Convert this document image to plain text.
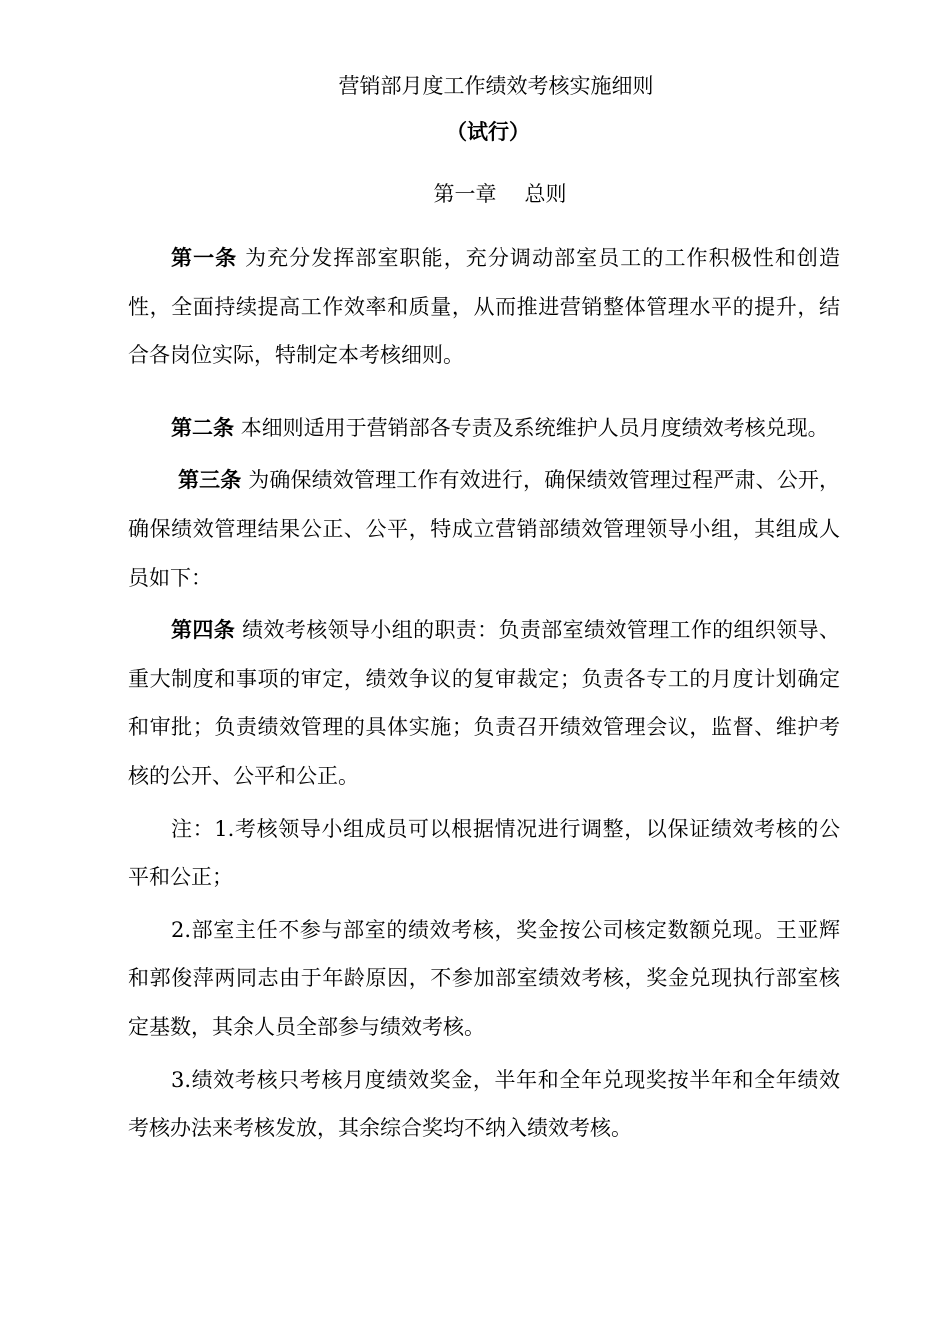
营销部月度工作绩效考核实施细则

（试行）

第一章 总则

第一条 为充分发挥部室职能，充分调动部室员工的工作积极性和创造性，全面持续提高工作效率和质量，从而推进营销整体管理水平的提升，结合各岗位实际，特制定本考核细则。

第二条 本细则适用于营销部各专责及系统维护人员月度绩效考核兑现。

第三条 为确保绩效管理工作有效进行，确保绩效管理过程严肃、公开，确保绩效管理结果公正、公平，特成立营销部绩效管理领导小组，其组成人员如下：

第四条 绩效考核领导小组的职责：负责部室绩效管理工作的组织领导、重大制度和事项的审定，绩效争议的复审裁定；负责各专工的月度计划确定和审批；负责绩效管理的具体实施；负责召开绩效管理会议，监督、维护考核的公开、公平和公正。

注：1.考核领导小组成员可以根据情况进行调整，以保证绩效考核的公平和公正；

2.部室主任不参与部室的绩效考核，奖金按公司核定数额兑现。王亚辉和郭俊萍两同志由于年龄原因，不参加部室绩效考核，奖金兑现执行部室核定基数，其余人员全部参与绩效考核。

3.绩效考核只考核月度绩效奖金，半年和全年兑现奖按半年和全年绩效考核办法来考核发放，其余综合奖均不纳入绩效考核。
